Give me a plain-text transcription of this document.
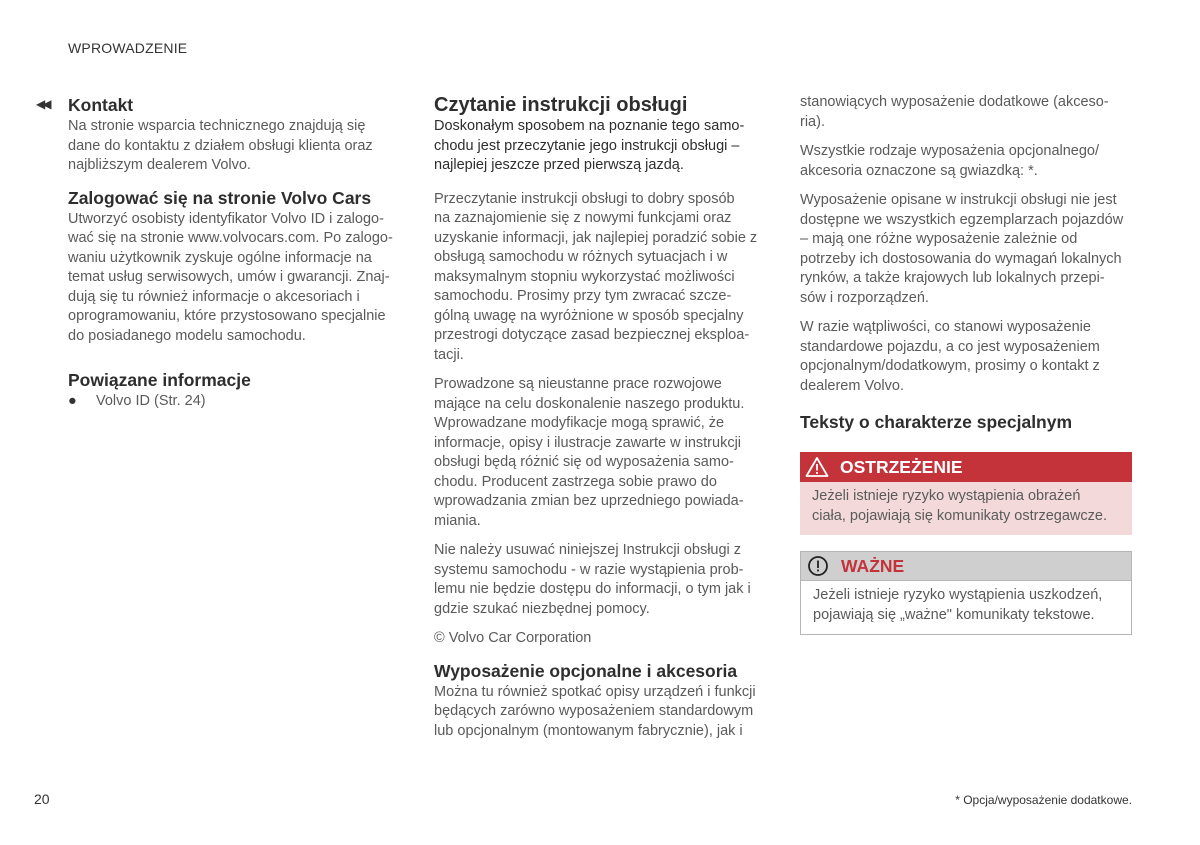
WPROWADZENIE
◀◀ Kontakt
Na stronie wsparcia technicznego znajdują się
dane do kontaktu z działem obsługi klienta oraz
najbliższym dealerem Volvo.
Zalogować się na stronie Volvo Cars
Utworzyć osobisty identyfikator Volvo ID i zalogo-
wać się na stronie www.volvocars.com. Po zalogo-
waniu użytkownik zyskuje ogólne informacje na
temat usług serwisowych, umów i gwarancji. Znaj-
dują się tu również informacje o akcesoriach i
oprogramowaniu, które przystosowano specjalnie
do posiadanego modelu samochodu.
Powiązane informacje
●	Volvo ID (Str. 24)
Czytanie instrukcji obsługi
Doskonałym sposobem na poznanie tego samo-
chodu jest przeczytanie jego instrukcji obsługi –
najlepiej jeszcze przed pierwszą jazdą.
Przeczytanie instrukcji obsługi to dobry sposób
na zaznajomienie się z nowymi funkcjami oraz
uzyskanie informacji, jak najlepiej poradzić sobie z
obsługą samochodu w różnych sytuacjach i w
maksymalnym stopniu wykorzystać możliwości
samochodu. Prosimy przy tym zwracać szcze-
gólną uwagę na wyróżnione w sposób specjalny
przestrogi dotyczące zasad bezpiecznej eksploa-
tacji.
Prowadzone są nieustanne prace rozwojowe
mające na celu doskonalenie naszego produktu.
Wprowadzane modyfikacje mogą sprawić, że
informacje, opisy i ilustracje zawarte w instrukcji
obsługi będą różnić się od wyposażenia samo-
chodu. Producent zastrzega sobie prawo do
wprowadzania zmian bez uprzedniego powiada-
miania.
Nie należy usuwać niniejszej Instrukcji obsługi z
systemu samochodu - w razie wystąpienia prob-
lemu nie będzie dostępu do informacji, o tym jak i
gdzie szukać niezbędnej pomocy.
© Volvo Car Corporation
Wyposażenie opcjonalne i akcesoria
Można tu również spotkać opisy urządzeń i funkcji
będących zarówno wyposażeniem standardowym
lub opcjonalnym (montowanym fabrycznie), jak i
stanowiących wyposażenie dodatkowe (akceso-
ria).
Wszystkie rodzaje wyposażenia opcjonalnego/
akcesoria oznaczone są gwiazdką: *.
Wyposażenie opisane w instrukcji obsługi nie jest
dostępne we wszystkich egzemplarzach pojazdów
– mają one różne wyposażenie zależnie od
potrzeby ich dostosowania do wymagań lokalnych
rynków, a także krajowych lub lokalnych przepi-
sów i rozporządzeń.
W razie wątpliwości, co stanowi wyposażenie
standardowe pojazdu, a co jest wyposażeniem
opcjonalnym/dodatkowym, prosimy o kontakt z
dealerem Volvo.
Teksty o charakterze specjalnym
OSTRZEŻENIE
Jeżeli istnieje ryzyko wystąpienia obrażeń
ciała, pojawiają się komunikaty ostrzegawcze.
WAŻNE
Jeżeli istnieje ryzyko wystąpienia uszkodzeń,
pojawiają się „ważne" komunikaty tekstowe.
20	* Opcja/wyposażenie dodatkowe.
